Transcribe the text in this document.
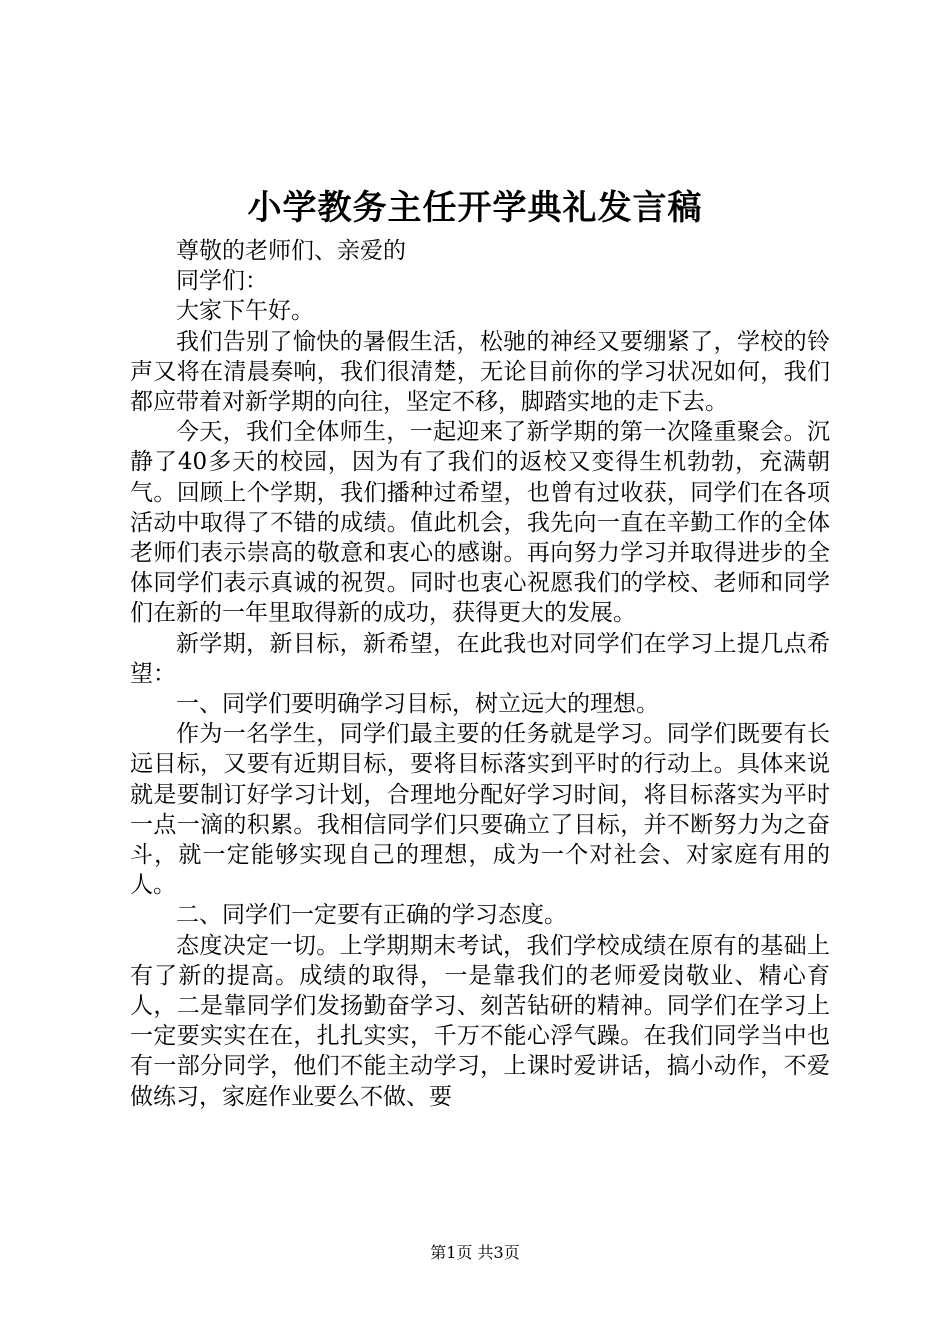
小学教务主任开学典礼发言稿

尊敬的老师们、亲爱的

同学们：

大家下午好。

我们告别了愉快的暑假生活，松驰的神经又要绷紧了，学校的铃声又将在清晨奏响，我们很清楚，无论目前你的学习状况如何，我们都应带着对新学期的向往，坚定不移，脚踏实地的走下去。

今天，我们全体师生，一起迎来了新学期的第一次隆重聚会。沉静了40多天的校园，因为有了我们的返校又变得生机勃勃，充满朝气。回顾上个学期，我们播种过希望，也曾有过收获，同学们在各项活动中取得了不错的成绩。值此机会，我先向一直在辛勤工作的全体老师们表示崇高的敬意和衷心的感谢。再向努力学习并取得进步的全体同学们表示真诚的祝贺。同时也衷心祝愿我们的学校、老师和同学们在新的一年里取得新的成功，获得更大的发展。

新学期，新目标，新希望，在此我也对同学们在学习上提几点希望：

一、同学们要明确学习目标，树立远大的理想。

作为一名学生，同学们最主要的任务就是学习。同学们既要有长远目标，又要有近期目标，要将目标落实到平时的行动上。具体来说就是要制订好学习计划，合理地分配好学习时间，将目标落实为平时一点一滴的积累。我相信同学们只要确立了目标，并不断努力为之奋斗，就一定能够实现自己的理想，成为一个对社会、对家庭有用的人。

二、同学们一定要有正确的学习态度。

态度决定一切。上学期期末考试，我们学校成绩在原有的基础上有了新的提高。成绩的取得，一是靠我们的老师爱岗敬业、精心育人，二是靠同学们发扬勤奋学习、刻苦钻研的精神。同学们在学习上一定要实实在在，扎扎实实，千万不能心浮气躁。在我们同学当中也有一部分同学，他们不能主动学习，上课时爱讲话，搞小动作，不爱做练习，家庭作业要么不做、要

第1页 共3页
